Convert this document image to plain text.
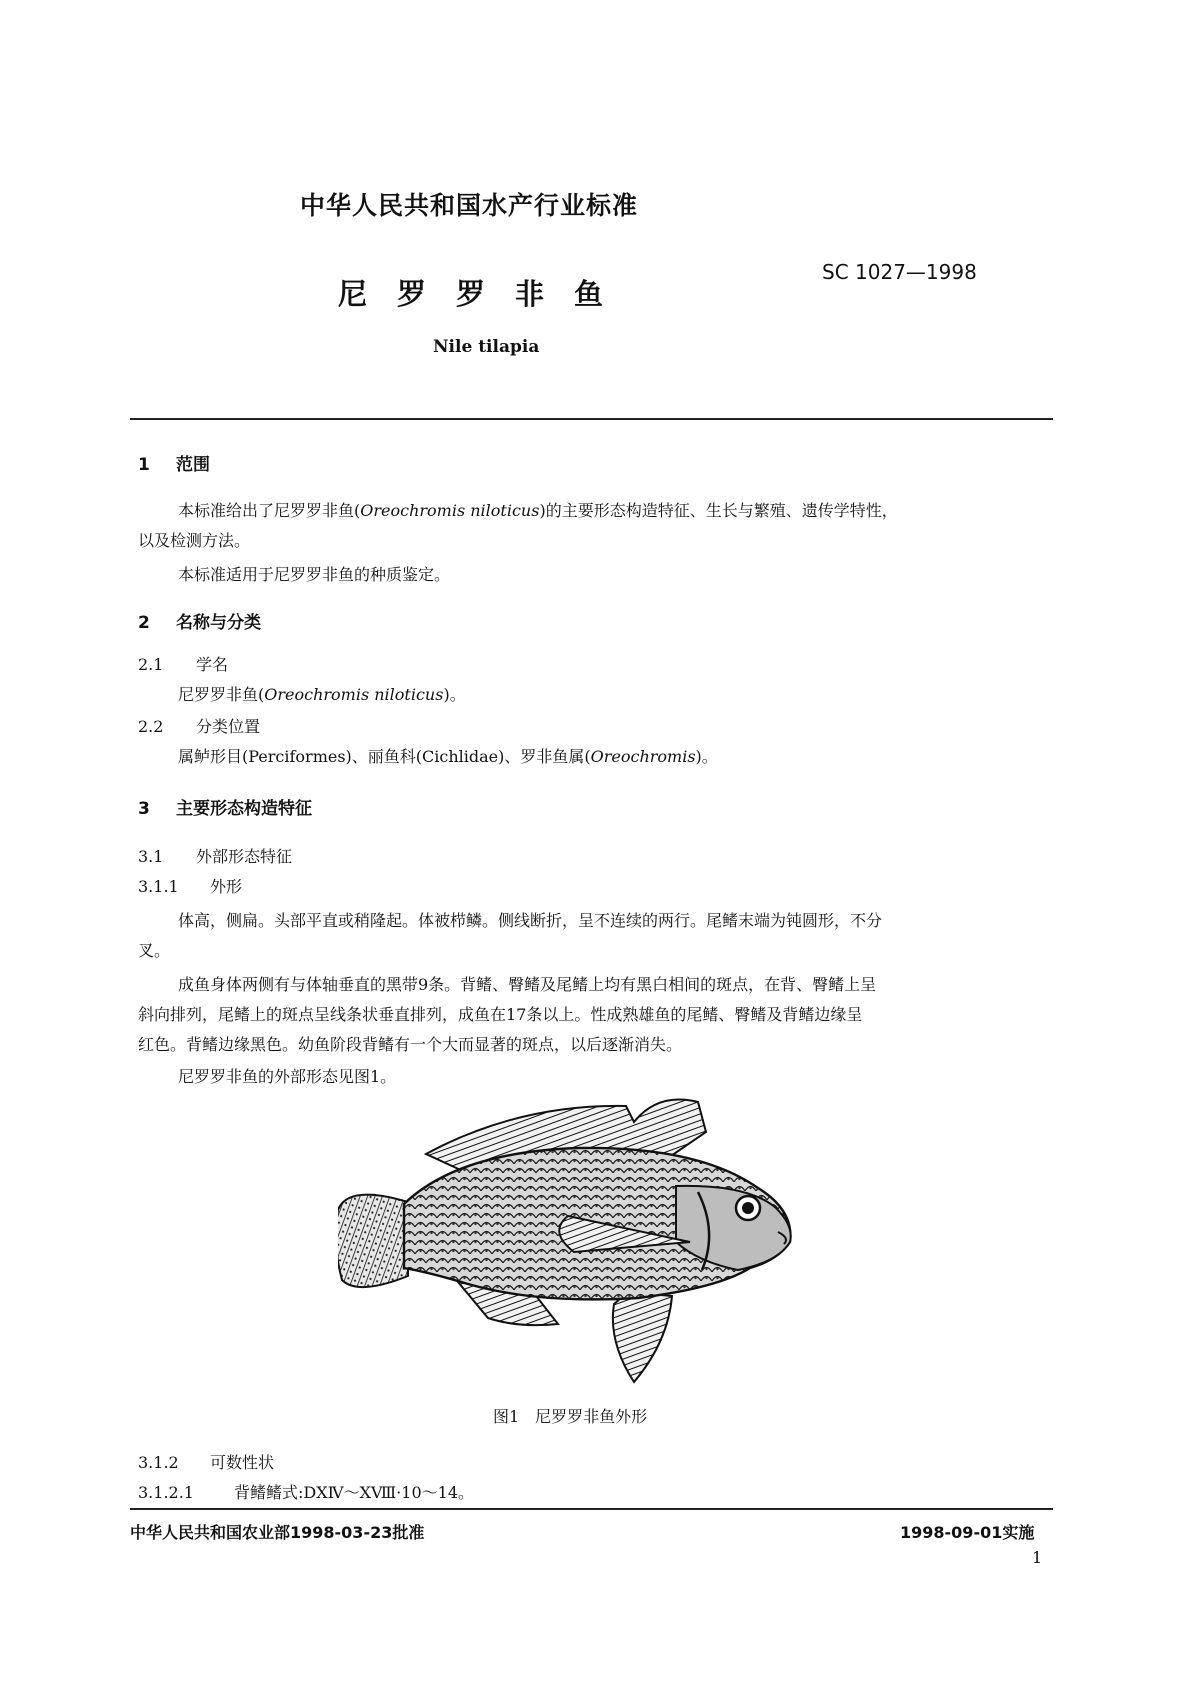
中华人民共和国水产行业标准
尼罗罗非鱼
SC 1027—1998
Nile tilapia
1 范围
本标准给出了尼罗罗非鱼(Oreochromis niloticus)的主要形态构造特征、生长与繁殖、遗传学特性，
以及检测方法。
本标准适用于尼罗罗非鱼的种质鉴定。
2 名称与分类
2.1 学名
尼罗罗非鱼(Oreochromis niloticus)。
2.2 分类位置
属鲈形目(Perciformes)、丽鱼科(Cichlidae)、罗非鱼属(Oreochromis)。
3 主要形态构造特征
3.1 外部形态特征
3.1.1 外形
体高，侧扁。头部平直或稍隆起。体被栉鳞。侧线断折，呈不连续的两行。尾鳍末端为钝圆形，不分
叉。
成鱼身体两侧有与体轴垂直的黑带9条。背鳍、臀鳍及尾鳍上均有黑白相间的斑点，在背、臀鳍上呈
斜向排列，尾鳍上的斑点呈线条状垂直排列，成鱼在17条以上。性成熟雄鱼的尾鳍、臀鳍及背鳍边缘呈
红色。背鳍边缘黑色。幼鱼阶段背鳍有一个大而显著的斑点，以后逐渐消失。
尼罗罗非鱼的外部形态见图1。
图1　尼罗罗非鱼外形
3.1.2 可数性状
3.1.2.1	背鳍鳍式:DⅩⅣ～ⅩⅧ·10～14。
中华人民共和国农业部1998-03-23批准	1998-09-01实施
1
